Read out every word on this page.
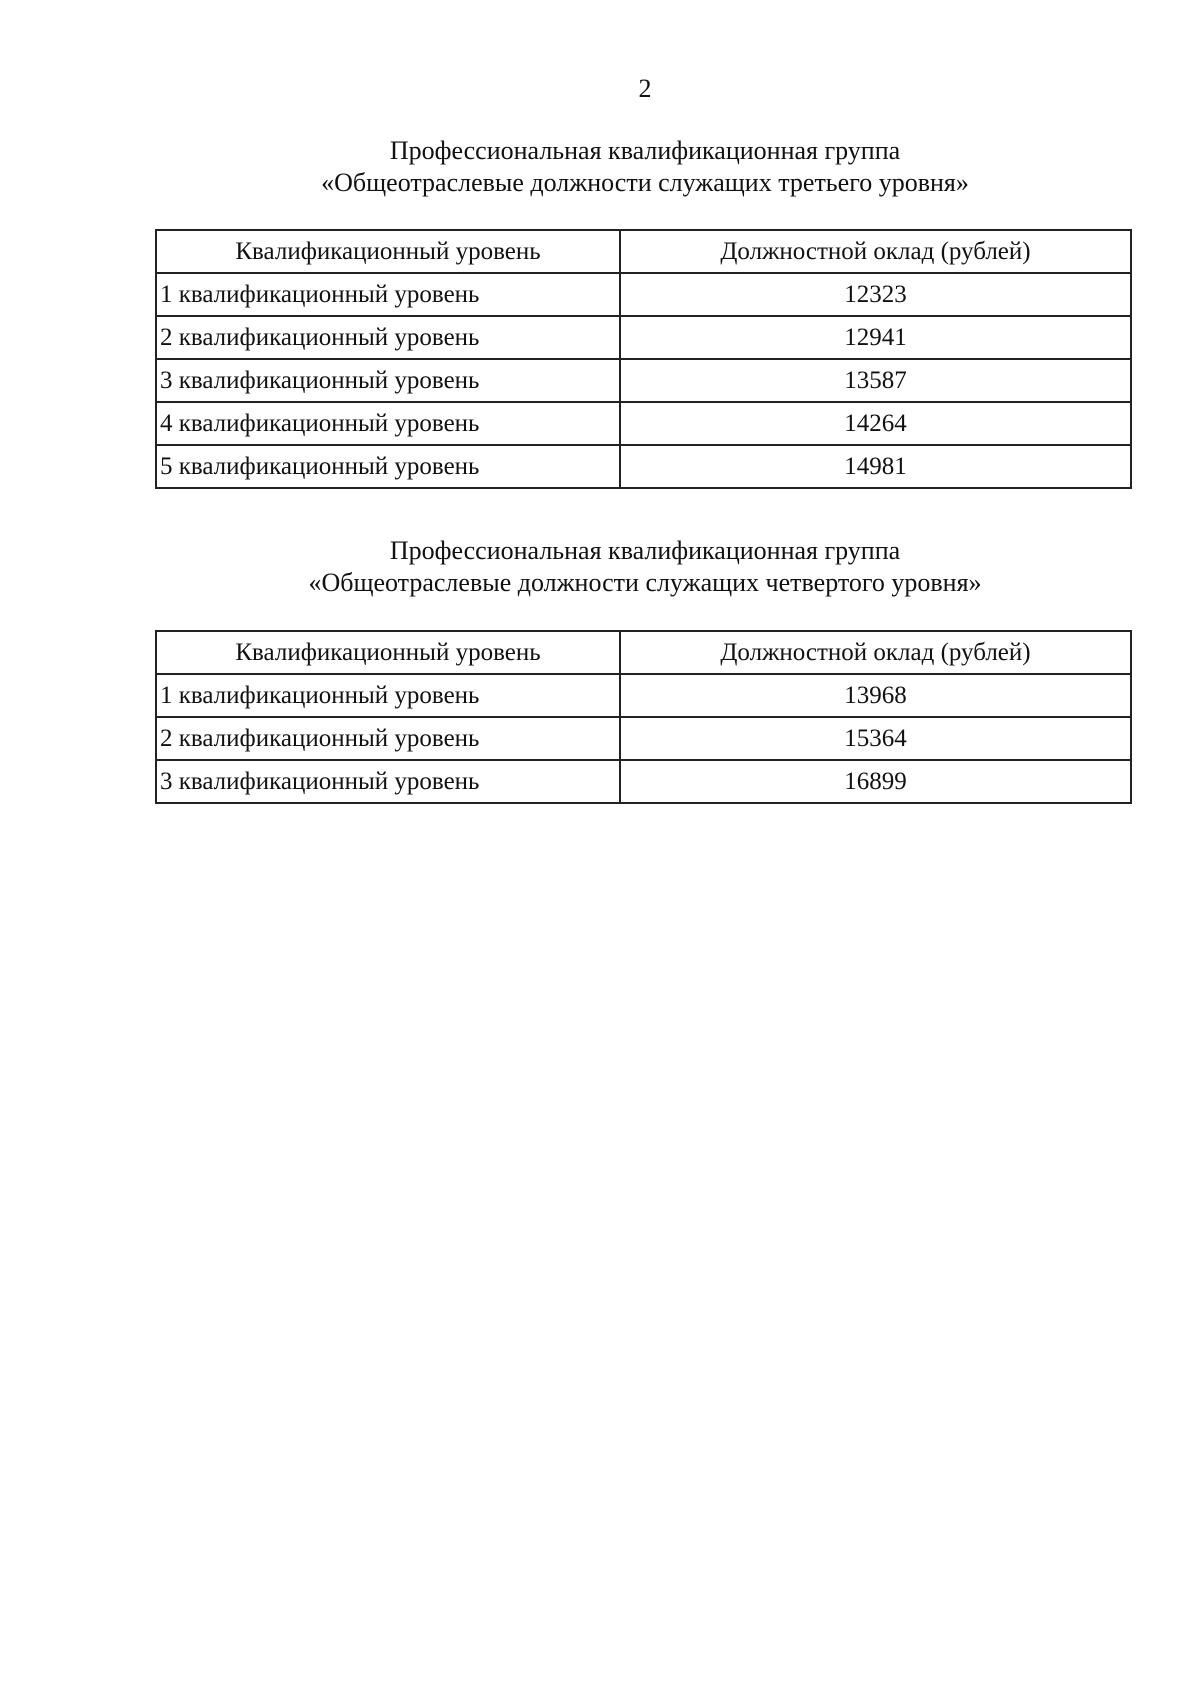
2
Профессиональная квалификационная группа
«Общеотраслевые должности служащих третьего уровня»
Квалификационный уровень	Должностной оклад (рублей)
1 квалификационный уровень	12323
2 квалификационный уровень	12941
3 квалификационный уровень	13587
4 квалификационный уровень	14264
5 квалификационный уровень	14981
Профессиональная квалификационная группа
«Общеотраслевые должности служащих четвертого уровня»
Квалификационный уровень	Должностной оклад (рублей)
1 квалификационный уровень	13968
2 квалификационный уровень	15364
3 квалификационный уровень	16899
